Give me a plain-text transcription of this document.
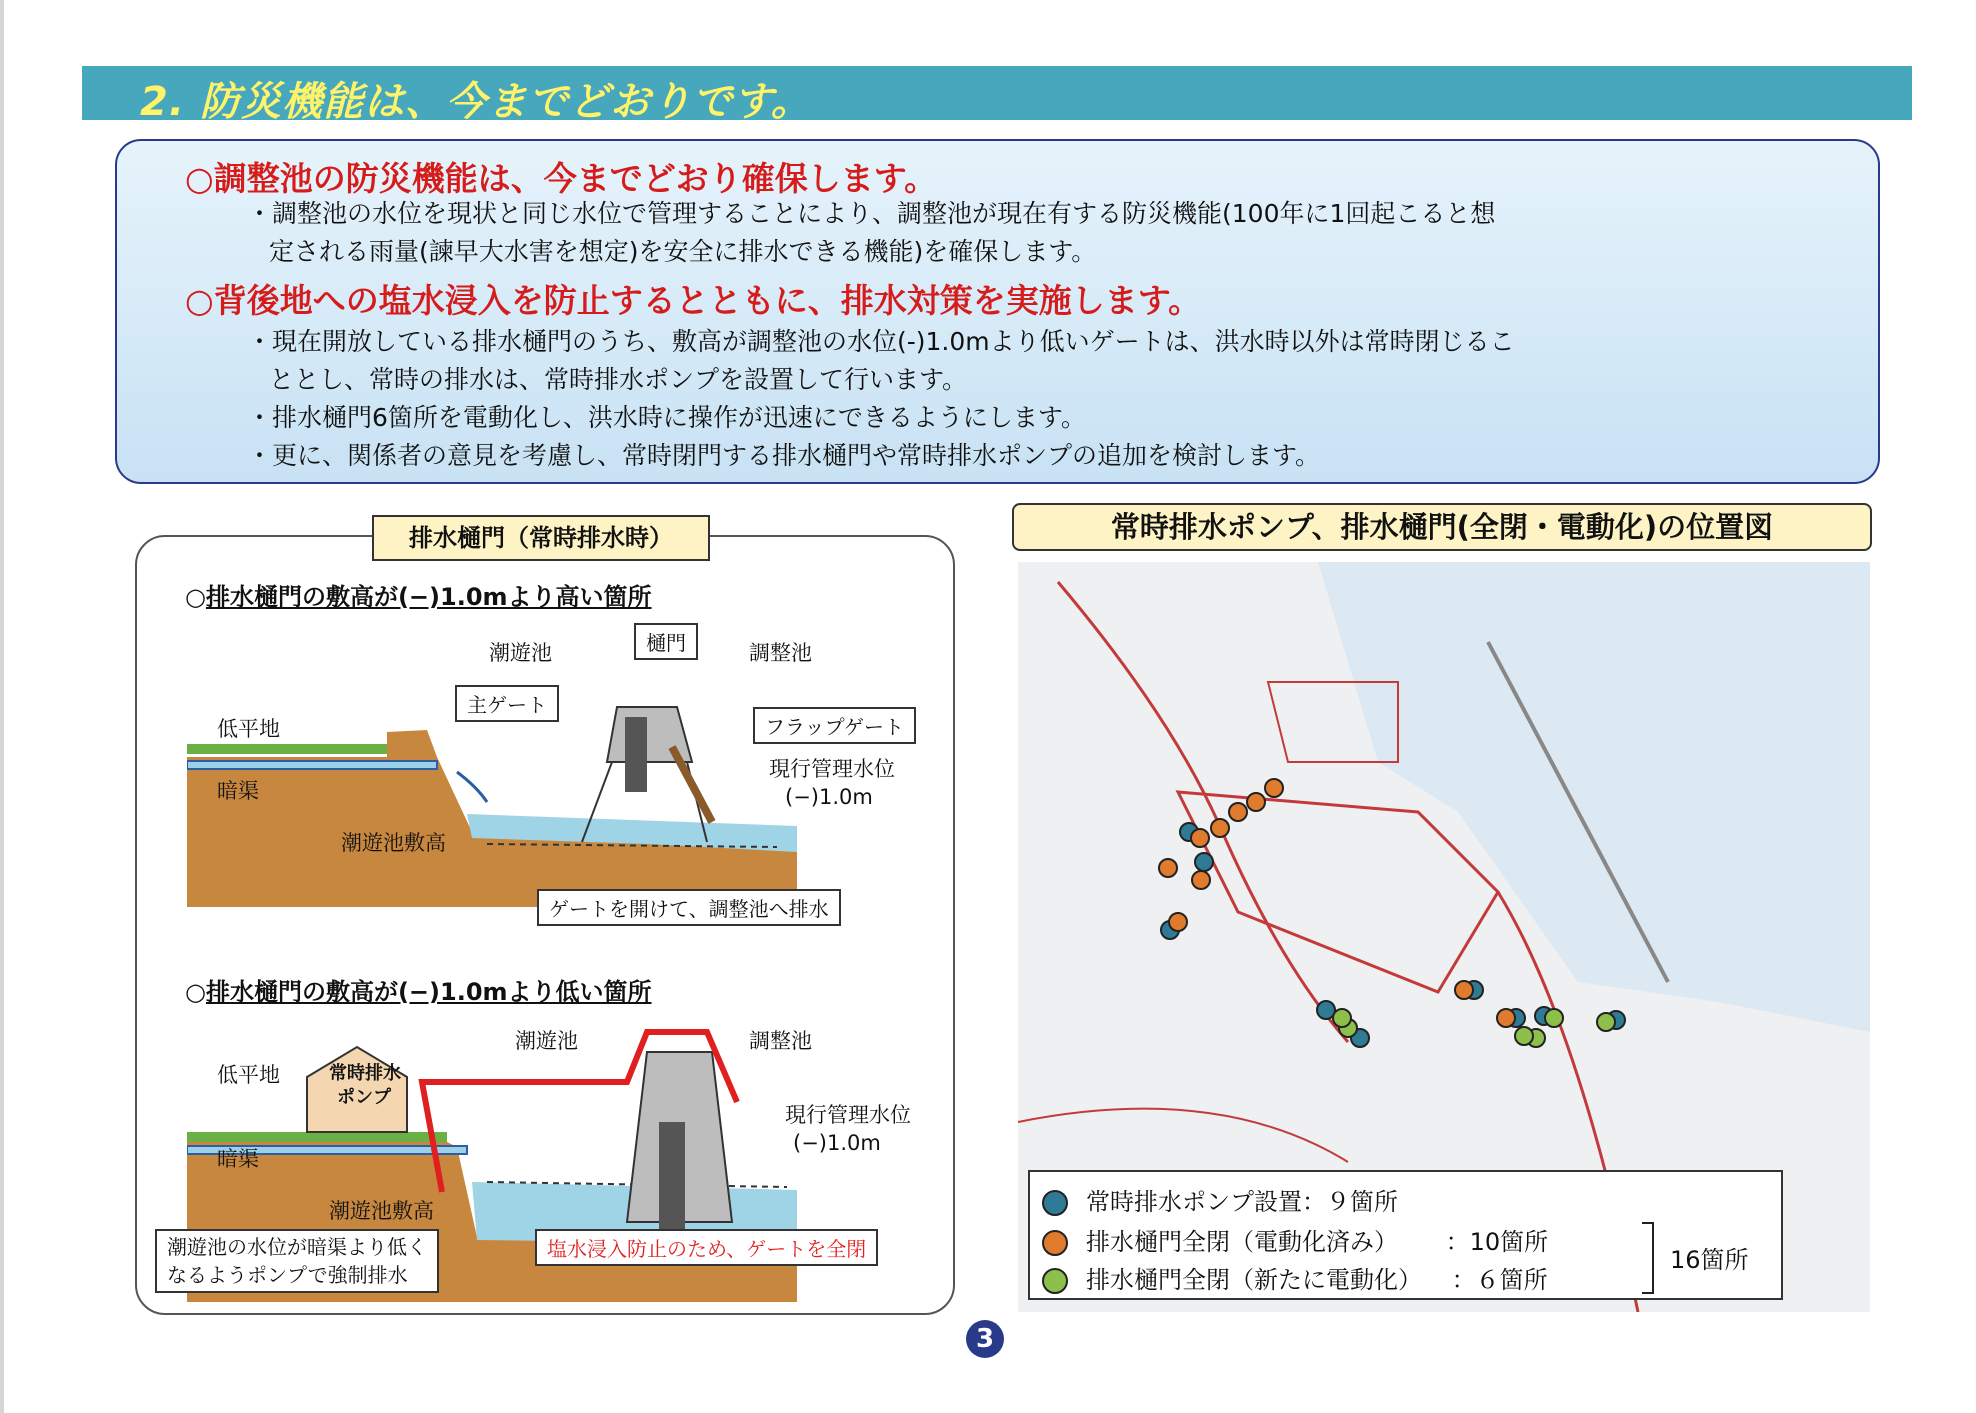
2. 防災機能は、今までどおりです。
○調整池の防災機能は、今までどおり確保します。
・調整池の水位を現状と同じ水位で管理することにより、調整池が現在有する防災機能(100年に1回起こると想
定される雨量(諫早大水害を想定)を安全に排水できる機能)を確保します。
○背後地への塩水浸入を防止するとともに、排水対策を実施します。
・現在開放している排水樋門のうち、敷高が調整池の水位(-)1.0mより低いゲートは、洪水時以外は常時閉じるこ
ととし、常時の排水は、常時排水ポンプを設置して行います。
・排水樋門6箇所を電動化し、洪水時に操作が迅速にできるようにします。
・更に、関係者の意見を考慮し、常時閉門する排水樋門や常時排水ポンプの追加を検討します。
排水樋門（常時排水時）
○排水樋門の敷高が(−)1.0mより高い箇所
潮遊池	樋門	調整池
主ゲート
フラップゲート
低平地
暗渠
現行管理水位
(−)1.0m
潮遊池敷高
ゲートを開けて、調整池へ排水
○排水樋門の敷高が(−)1.0mより低い箇所
潮遊池	調整池
低平地	常時排水
ポンプ
暗渠
現行管理水位
(−)1.0m
潮遊池敷高
潮遊池の水位が暗渠より低く
なるようポンプで強制排水
塩水浸入防止のため、ゲートを全閉
常時排水ポンプ、排水樋門(全閉・電動化)の位置図
常時排水ポンプ設置：９箇所
排水樋門全閉（電動化済み） ：10箇所
排水樋門全閉（新たに電動化） ：６箇所
16箇所
3
